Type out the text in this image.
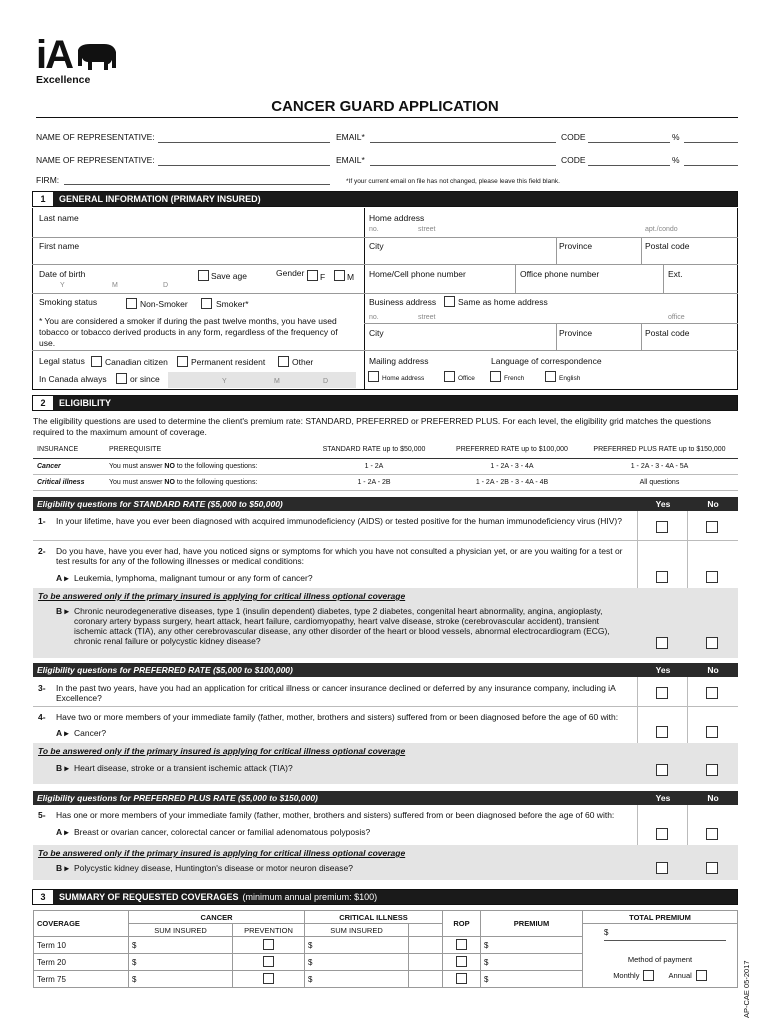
iA
Excellence
CANCER GUARD APPLICATION
NAME OF REPRESENTATIVE:	EMAIL*	CODE	%
NAME OF REPRESENTATIVE:	EMAIL*	CODE	%
FIRM:	*If your current email on file has not changed, please leave this field blank.
1	GENERAL INFORMATION (PRIMARY INSURED)
Last name
First name
Date of birth
Y	M	D
Save age	Gender F	M
Smoking status	Non-Smoker	Smoker*
* You are considered a smoker if during the past twelve months, you have used tobacco or tobacco derived products in any form, regardless of the frequency of use.
Legal status Canadian citizen	Permanent resident	Other
In Canada always	or since	Y	M	D
Home address
no.	street	apt./condo
City	Province	Postal code
Home/Cell phone number	Office phone number	Ext.
Business address	Same as home address
no.	street	office
City	Province	Postal code
Mailing address	Language of correspondence
Home address	Office	French	English
2	ELIGIBILITY
The eligibility questions are used to determine the client's premium rate: STANDARD, PREFERRED or PREFERRED PLUS. For each level, the eligibility grid matches the questions required to the maximum amount of coverage.
INSURANCE	PREREQUISITE	STANDARD RATE up to $50,000	PREFERRED RATE up to $100,000	PREFERRED PLUS RATE up to $150,000
Cancer	You must answer NO to the following questions:	1 - 2A	1 - 2A - 3 - 4A	1 - 2A - 3 - 4A - 5A
Critical illness	You must answer NO to the following questions:	1 - 2A - 2B	1 - 2A - 2B - 3 - 4A - 4B	All questions
Eligibility questions for STANDARD RATE ($5,000 to $50,000)	Yes	No
1- In your lifetime, have you ever been diagnosed with acquired immunodeficiency (AIDS) or tested positive for the human immunodeficiency virus (HIV)?
2- Do you have, have you ever had, have you noticed signs or symptoms for which you have not consulted a physician yet, or are you waiting for a test or test results for any of the following illnesses or medical conditions:
A ▸ Leukemia, lymphoma, malignant tumour or any form of cancer?
To be answered only if the primary insured is applying for critical illness optional coverage
B ▸ Chronic neurodegenerative diseases, type 1 (insulin dependent) diabetes, type 2 diabetes, congenital heart abnormality, angina, angioplasty, coronary artery bypass surgery, heart attack, heart failure, cardiomyopathy, heart valve disease, stroke (cerebrovascular accident), transient ischemic attack (TIA), any other cerebrovascular disease, any other disorder of the heart or blood vessels, abnormal electrocardiogram (ECG), chronic renal failure or polycystic kidney disease?
Eligibility questions for PREFERRED RATE ($5,000 to $100,000)	Yes	No
3- In the past two years, have you had an application for critical illness or cancer insurance declined or deferred by any insurance company, including iA Excellence?
4- Have two or more members of your immediate family (father, mother, brothers and sisters) suffered from or been diagnosed before the age of 60 with:
A ▸ Cancer?
To be answered only if the primary insured is applying for critical illness optional coverage
B ▸ Heart disease, stroke or a transient ischemic attack (TIA)?
Eligibility questions for PREFERRED PLUS RATE ($5,000 to $150,000)	Yes	No
5- Has one or more members of your immediate family (father, mother, brothers and sisters) suffered from or been diagnosed before the age of 60 with:
A ▸ Breast or ovarian cancer, colorectal cancer or familial adenomatous polyposis?
To be answered only if the primary insured is applying for critical illness optional coverage
B ▸ Polycystic kidney disease, Huntington's disease or motor neuron disease?
3	SUMMARY OF REQUESTED COVERAGES (minimum annual premium: $100)
COVERAGE	CANCER		CRITICAL ILLNESS		ROP	PREMIUM	TOTAL PREMIUM
	SUM INSURED	PREVENTION	SUM INSURED				$
Method of payment
Monthly Annual

Term 10	$		$			$	
Term 20	$		$			$	
Term 75	$		$			$		AP-CAE 05-2017
